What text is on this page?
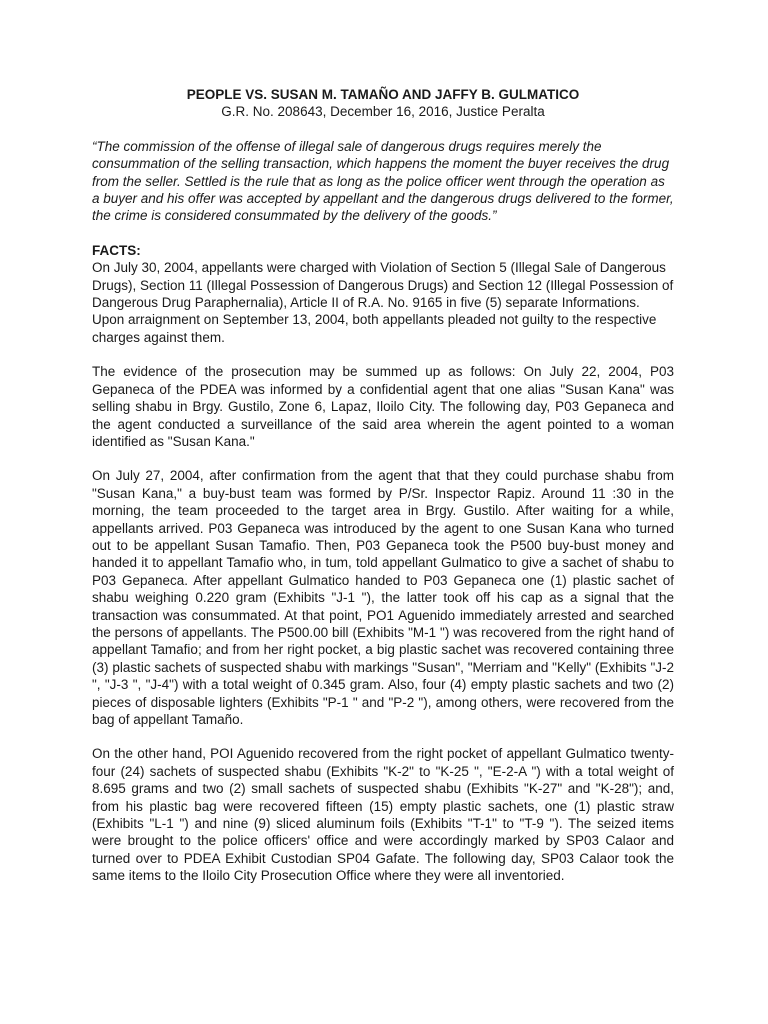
PEOPLE VS. SUSAN M. TAMAÑO AND JAFFY B. GULMATICO

G.R. No. 208643, December 16, 2016, Justice Peralta

“The commission of the offense of illegal sale of dangerous drugs requires merely the consummation of the selling transaction, which happens the moment the buyer receives the drug from the seller. Settled is the rule that as long as the police officer went through the operation as a buyer and his offer was accepted by appellant and the dangerous drugs delivered to the former, the crime is considered consummated by the delivery of the goods.”

FACTS:

On July 30, 2004, appellants were charged with Violation of Section 5 (Illegal Sale of Dangerous Drugs), Section 11 (Illegal Possession of Dangerous Drugs) and Section 12 (Illegal Possession of Dangerous Drug Paraphernalia), Article II of R.A. No. 9165 in five (5) separate Informations. Upon arraignment on September 13, 2004, both appellants pleaded not guilty to the respective charges against them.

The evidence of the prosecution may be summed up as follows: On July 22, 2004, P03 Gepaneca of the PDEA was informed by a confidential agent that one alias "Susan Kana" was selling shabu in Brgy. Gustilo, Zone 6, Lapaz, Iloilo City. The following day, P03 Gepaneca and the agent conducted a surveillance of the said area wherein the agent pointed to a woman identified as "Susan Kana."

On July 27, 2004, after confirmation from the agent that that they could purchase shabu from "Susan Kana," a buy-bust team was formed by P/Sr. Inspector Rapiz. Around 11 :30 in the morning, the team proceeded to the target area in Brgy. Gustilo. After waiting for a while, appellants arrived. P03 Gepaneca was introduced by the agent to one Susan Kana who turned out to be appellant Susan Tamafio. Then, P03 Gepaneca took the P500 buy-bust money and handed it to appellant Tamafio who, in tum, told appellant Gulmatico to give a sachet of shabu to P03 Gepaneca. After appellant Gulmatico handed to P03 Gepaneca one (1) plastic sachet of shabu weighing 0.220 gram (Exhibits "J-1 "), the latter took off his cap as a signal that the transaction was consummated. At that point, PO1 Aguenido immediately arrested and searched the persons of appellants. The P500.00 bill (Exhibits "M-1 ") was recovered from the right hand of appellant Tamafio; and from her right pocket, a big plastic sachet was recovered containing three (3) plastic sachets of suspected shabu with markings "Susan", "Merriam and "Kelly" (Exhibits "J-2 ", "J-3 ", "J-4") with a total weight of 0.345 gram. Also, four (4) empty plastic sachets and two (2) pieces of disposable lighters (Exhibits "P-1 " and "P-2 "), among others, were recovered from the bag of appellant Tamaño.

On the other hand, POI Aguenido recovered from the right pocket of appellant Gulmatico twenty-four (24) sachets of suspected shabu (Exhibits "K-2" to "K-25 ", "E-2-A ") with a total weight of 8.695 grams and two (2) small sachets of suspected shabu (Exhibits "K-27" and "K-28"); and, from his plastic bag were recovered fifteen (15) empty plastic sachets, one (1) plastic straw (Exhibits "L-1 ") and nine (9) sliced aluminum foils (Exhibits "T-1" to "T-9 "). The seized items were brought to the police officers' office and were accordingly marked by SP03 Calaor and turned over to PDEA Exhibit Custodian SP04 Gafate. The following day, SP03 Calaor took the same items to the Iloilo City Prosecution Office where they were all inventoried.
